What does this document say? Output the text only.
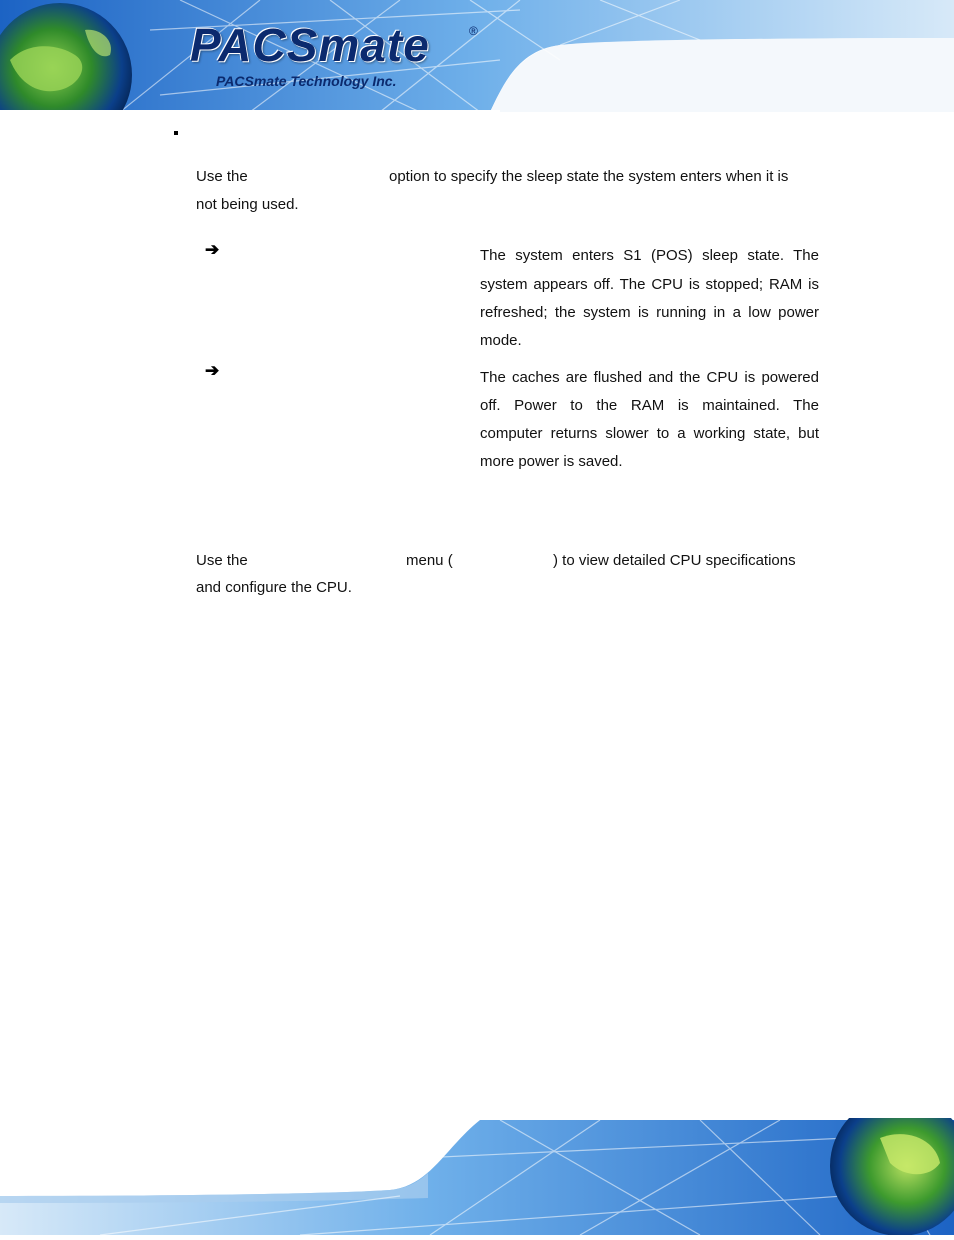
PACSmate	®
PACSmate Technology Inc.
Use the	option to specify the sleep state the system enters when it is
not being used.
➔	The system enters S1 (POS) sleep state. The
system appears off. The CPU is stopped; RAM is
refreshed; the system is running in a low power
mode.
➔	The caches are flushed and the CPU is powered
off. Power to the RAM is maintained. The
computer returns slower to a working state, but
more power is saved.
Use the	menu (	) to view detailed CPU specifications
and configure the CPU.
